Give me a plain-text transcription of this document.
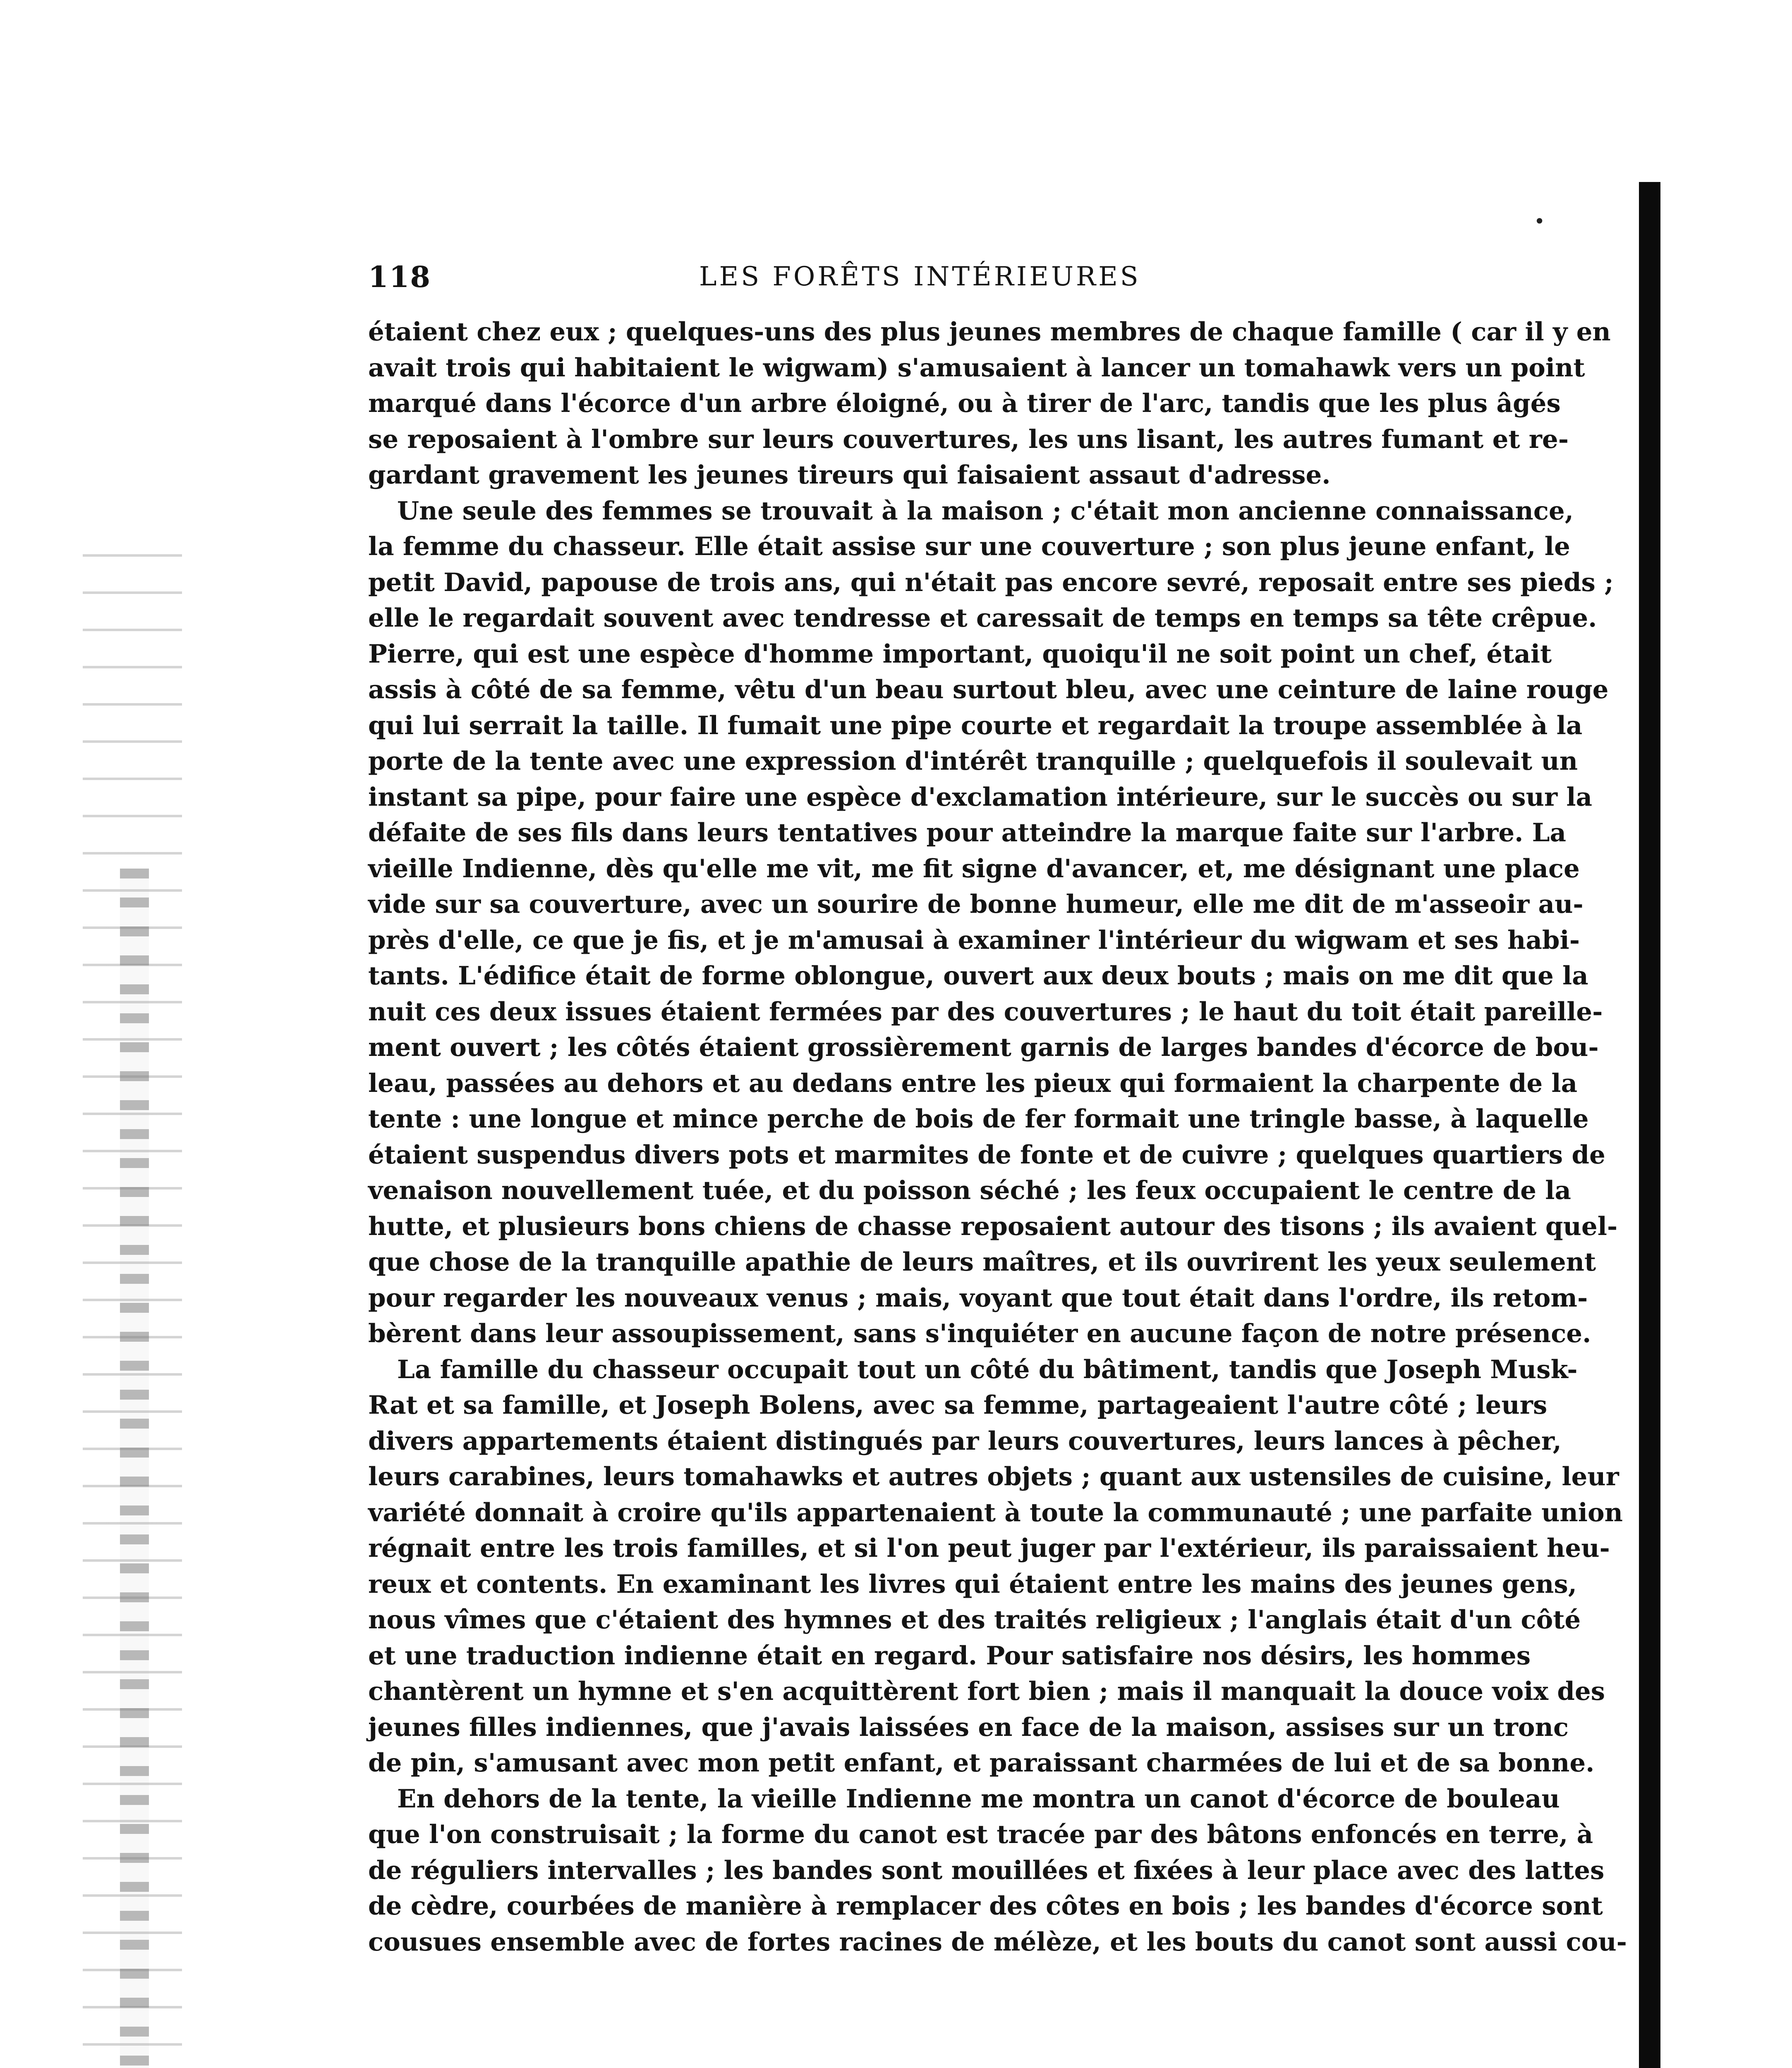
•
118	LES FORÊTS INTÉRIEURES
étaient chez eux ; quelques-uns des plus jeunes membres de chaque famille ( car il y en
avait trois qui habitaient le wigwam) s'amusaient à lancer un tomahawk vers un point
marqué dans l'écorce d'un arbre éloigné, ou à tirer de l'arc, tandis que les plus âgés
se reposaient à l'ombre sur leurs couvertures, les uns lisant, les autres fumant et re-
gardant gravement les jeunes tireurs qui faisaient assaut d'adresse.
Une seule des femmes se trouvait à la maison ; c'était mon ancienne connaissance,
la femme du chasseur. Elle était assise sur une couverture ; son plus jeune enfant, le
petit David, papouse de trois ans, qui n'était pas encore sevré, reposait entre ses pieds ;
elle le regardait souvent avec tendresse et caressait de temps en temps sa tête crêpue.
Pierre, qui est une espèce d'homme important, quoiqu'il ne soit point un chef, était
assis à côté de sa femme, vêtu d'un beau surtout bleu, avec une ceinture de laine rouge
qui lui serrait la taille. Il fumait une pipe courte et regardait la troupe assemblée à la
porte de la tente avec une expression d'intérêt tranquille ; quelquefois il soulevait un
instant sa pipe, pour faire une espèce d'exclamation intérieure, sur le succès ou sur la
défaite de ses fils dans leurs tentatives pour atteindre la marque faite sur l'arbre. La
vieille Indienne, dès qu'elle me vit, me fit signe d'avancer, et, me désignant une place
vide sur sa couverture, avec un sourire de bonne humeur, elle me dit de m'asseoir au-
près d'elle, ce que je fis, et je m'amusai à examiner l'intérieur du wigwam et ses habi-
tants. L'édifice était de forme oblongue, ouvert aux deux bouts ; mais on me dit que la
nuit ces deux issues étaient fermées par des couvertures ; le haut du toit était pareille-
ment ouvert ; les côtés étaient grossièrement garnis de larges bandes d'écorce de bou-
leau, passées au dehors et au dedans entre les pieux qui formaient la charpente de la
tente : une longue et mince perche de bois de fer formait une tringle basse, à laquelle
étaient suspendus divers pots et marmites de fonte et de cuivre ; quelques quartiers de
venaison nouvellement tuée, et du poisson séché ; les feux occupaient le centre de la
hutte, et plusieurs bons chiens de chasse reposaient autour des tisons ; ils avaient quel-
que chose de la tranquille apathie de leurs maîtres, et ils ouvrirent les yeux seulement
pour regarder les nouveaux venus ; mais, voyant que tout était dans l'ordre, ils retom-
bèrent dans leur assoupissement, sans s'inquiéter en aucune façon de notre présence.
La famille du chasseur occupait tout un côté du bâtiment, tandis que Joseph Musk-
Rat et sa famille, et Joseph Bolens, avec sa femme, partageaient l'autre côté ; leurs
divers appartements étaient distingués par leurs couvertures, leurs lances à pêcher,
leurs carabines, leurs tomahawks et autres objets ; quant aux ustensiles de cuisine, leur
variété donnait à croire qu'ils appartenaient à toute la communauté ; une parfaite union
régnait entre les trois familles, et si l'on peut juger par l'extérieur, ils paraissaient heu-
reux et contents. En examinant les livres qui étaient entre les mains des jeunes gens,
nous vîmes que c'étaient des hymnes et des traités religieux ; l'anglais était d'un côté
et une traduction indienne était en regard. Pour satisfaire nos désirs, les hommes
chantèrent un hymne et s'en acquittèrent fort bien ; mais il manquait la douce voix des
jeunes filles indiennes, que j'avais laissées en face de la maison, assises sur un tronc
de pin, s'amusant avec mon petit enfant, et paraissant charmées de lui et de sa bonne.
En dehors de la tente, la vieille Indienne me montra un canot d'écorce de bouleau
que l'on construisait ; la forme du canot est tracée par des bâtons enfoncés en terre, à
de réguliers intervalles ; les bandes sont mouillées et fixées à leur place avec des lattes
de cèdre, courbées de manière à remplacer des côtes en bois ; les bandes d'écorce sont
cousues ensemble avec de fortes racines de mélèze, et les bouts du canot sont aussi cou-
